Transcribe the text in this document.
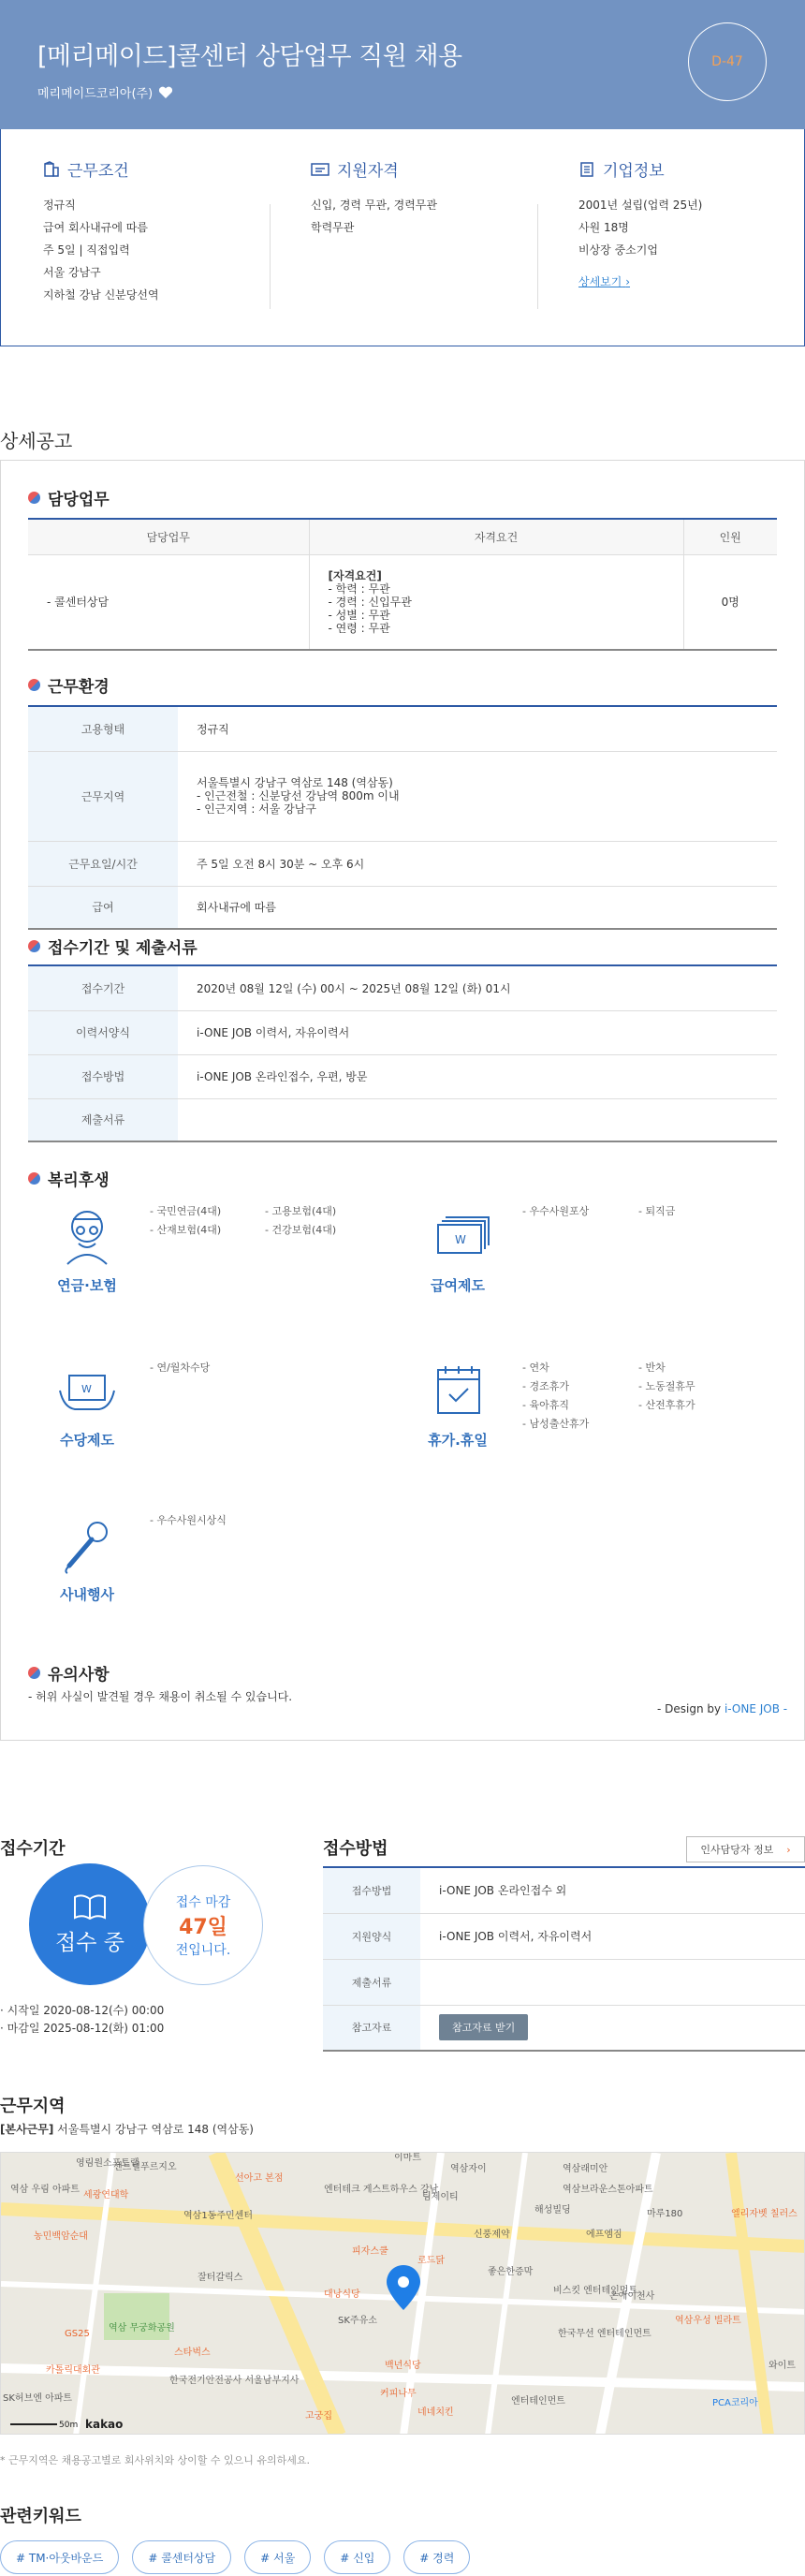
[메리메이드]콜센터 상담업무 직원 채용
메리메이드코리아(주)
D-47
근무조건
정규직
급여 회사내규에 따름
주 5일 | 직접입력
서울 강남구
지하철 강남 신분당선역
지원자격
신입, 경력 무관, 경력무관
학력무관
기업정보
2001년 설립(업력 25년)
사원 18명
비상장 중소기업
상세보기 ›
상세공고
담당업무
담당업무	자격요건	인원
- 콜센터상담	[자격요건]
- 학력 : 무관
- 경력 : 신입무관
- 성별 : 무관
- 연령 : 무관	0명
근무환경
고용형태	정규직
근무지역	서울특별시 강남구 역삼로 148 (역삼동)
- 인근전철 : 신분당선 강남역 800m 이내
- 인근지역 : 서울 강남구

근무요일/시간	주 5일 오전 8시 30분 ~ 오후 6시
급여	회사내규에 따름
접수기간 및 제출서류
접수기간	2020년 08월 12일 (수) 00시 ~ 2025년 08월 12일 (화) 01시
이력서양식	i-ONE JOB 이력서, 자유이력서
접수방법	i-ONE JOB 온라인접수, 우편, 방문
제출서류	
복리후생
연금·보험
- 국민연금(4대)
- 산재보험(4대)
- 고용보험(4대)
- 건강보험(4대)
W
급여제도
- 우수사원포상	- 퇴직금
W
수당제도
- 연/월차수당
휴가.휴일
- 연차
- 경조휴가
- 육아휴직
- 남성출산휴가
- 반차
- 노동절휴무
- 산전후휴가
사내행사
- 우수사원시상식
유의사항
- 허위 사실이 발견될 경우 채용이 취소될 수 있습니다.
- Design by i-ONE JOB -
접수기간
접수 중
접수 마감
47일
전입니다.
· 시작일 2020-08-12(수) 00:00
· 마감일 2025-08-12(화) 01:00
접수방법	인사담당자 정보 ›
접수방법	i-ONE JOB 온라인접수 외
지원양식	i-ONE JOB 이력서, 자유이력서
제출서류	
참고자료	참고자료 받기
근무지역
[본사근무] 서울특별시 강남구 역삼로 148 (역삼동)
영림원소프트랩
역삼 우림 아파트
센트럴푸르지오
이마트
세광연대학
역삼1동주민센터
엔터테크 게스트하우스 강남
팀제이티
역삼브라운스톤아파트
역삼래미안
역삼자이
선아고 본점
신풍제약	에프엠짐
농민백암순대
피자스쿨
대낭식당
SK주유소
커피나무
로드닭
백년식당
SK허브엔 아파트
GS25
카톨릭대회관
역삼 무궁화공원
스타벅스
한국전기안전공사 서울남부지사
잘터갈릭스
고궁집	네네치킨
PCA코리아
마루180	엘리자벳 칠러스
역삼우성 빌라트
온애이천사
한국무선 엔터테인먼트
와이트
좋은한증막
해성빌딩
엔터테인먼트
비스킷 엔터테인먼트
50m kakao
* 근무지역은 채용공고별로 회사위치와 상이할 수 있으니 유의하세요.
관련키워드
# TM·아웃바운드	# 콜센터상담	# 서울	# 신입	# 경력
